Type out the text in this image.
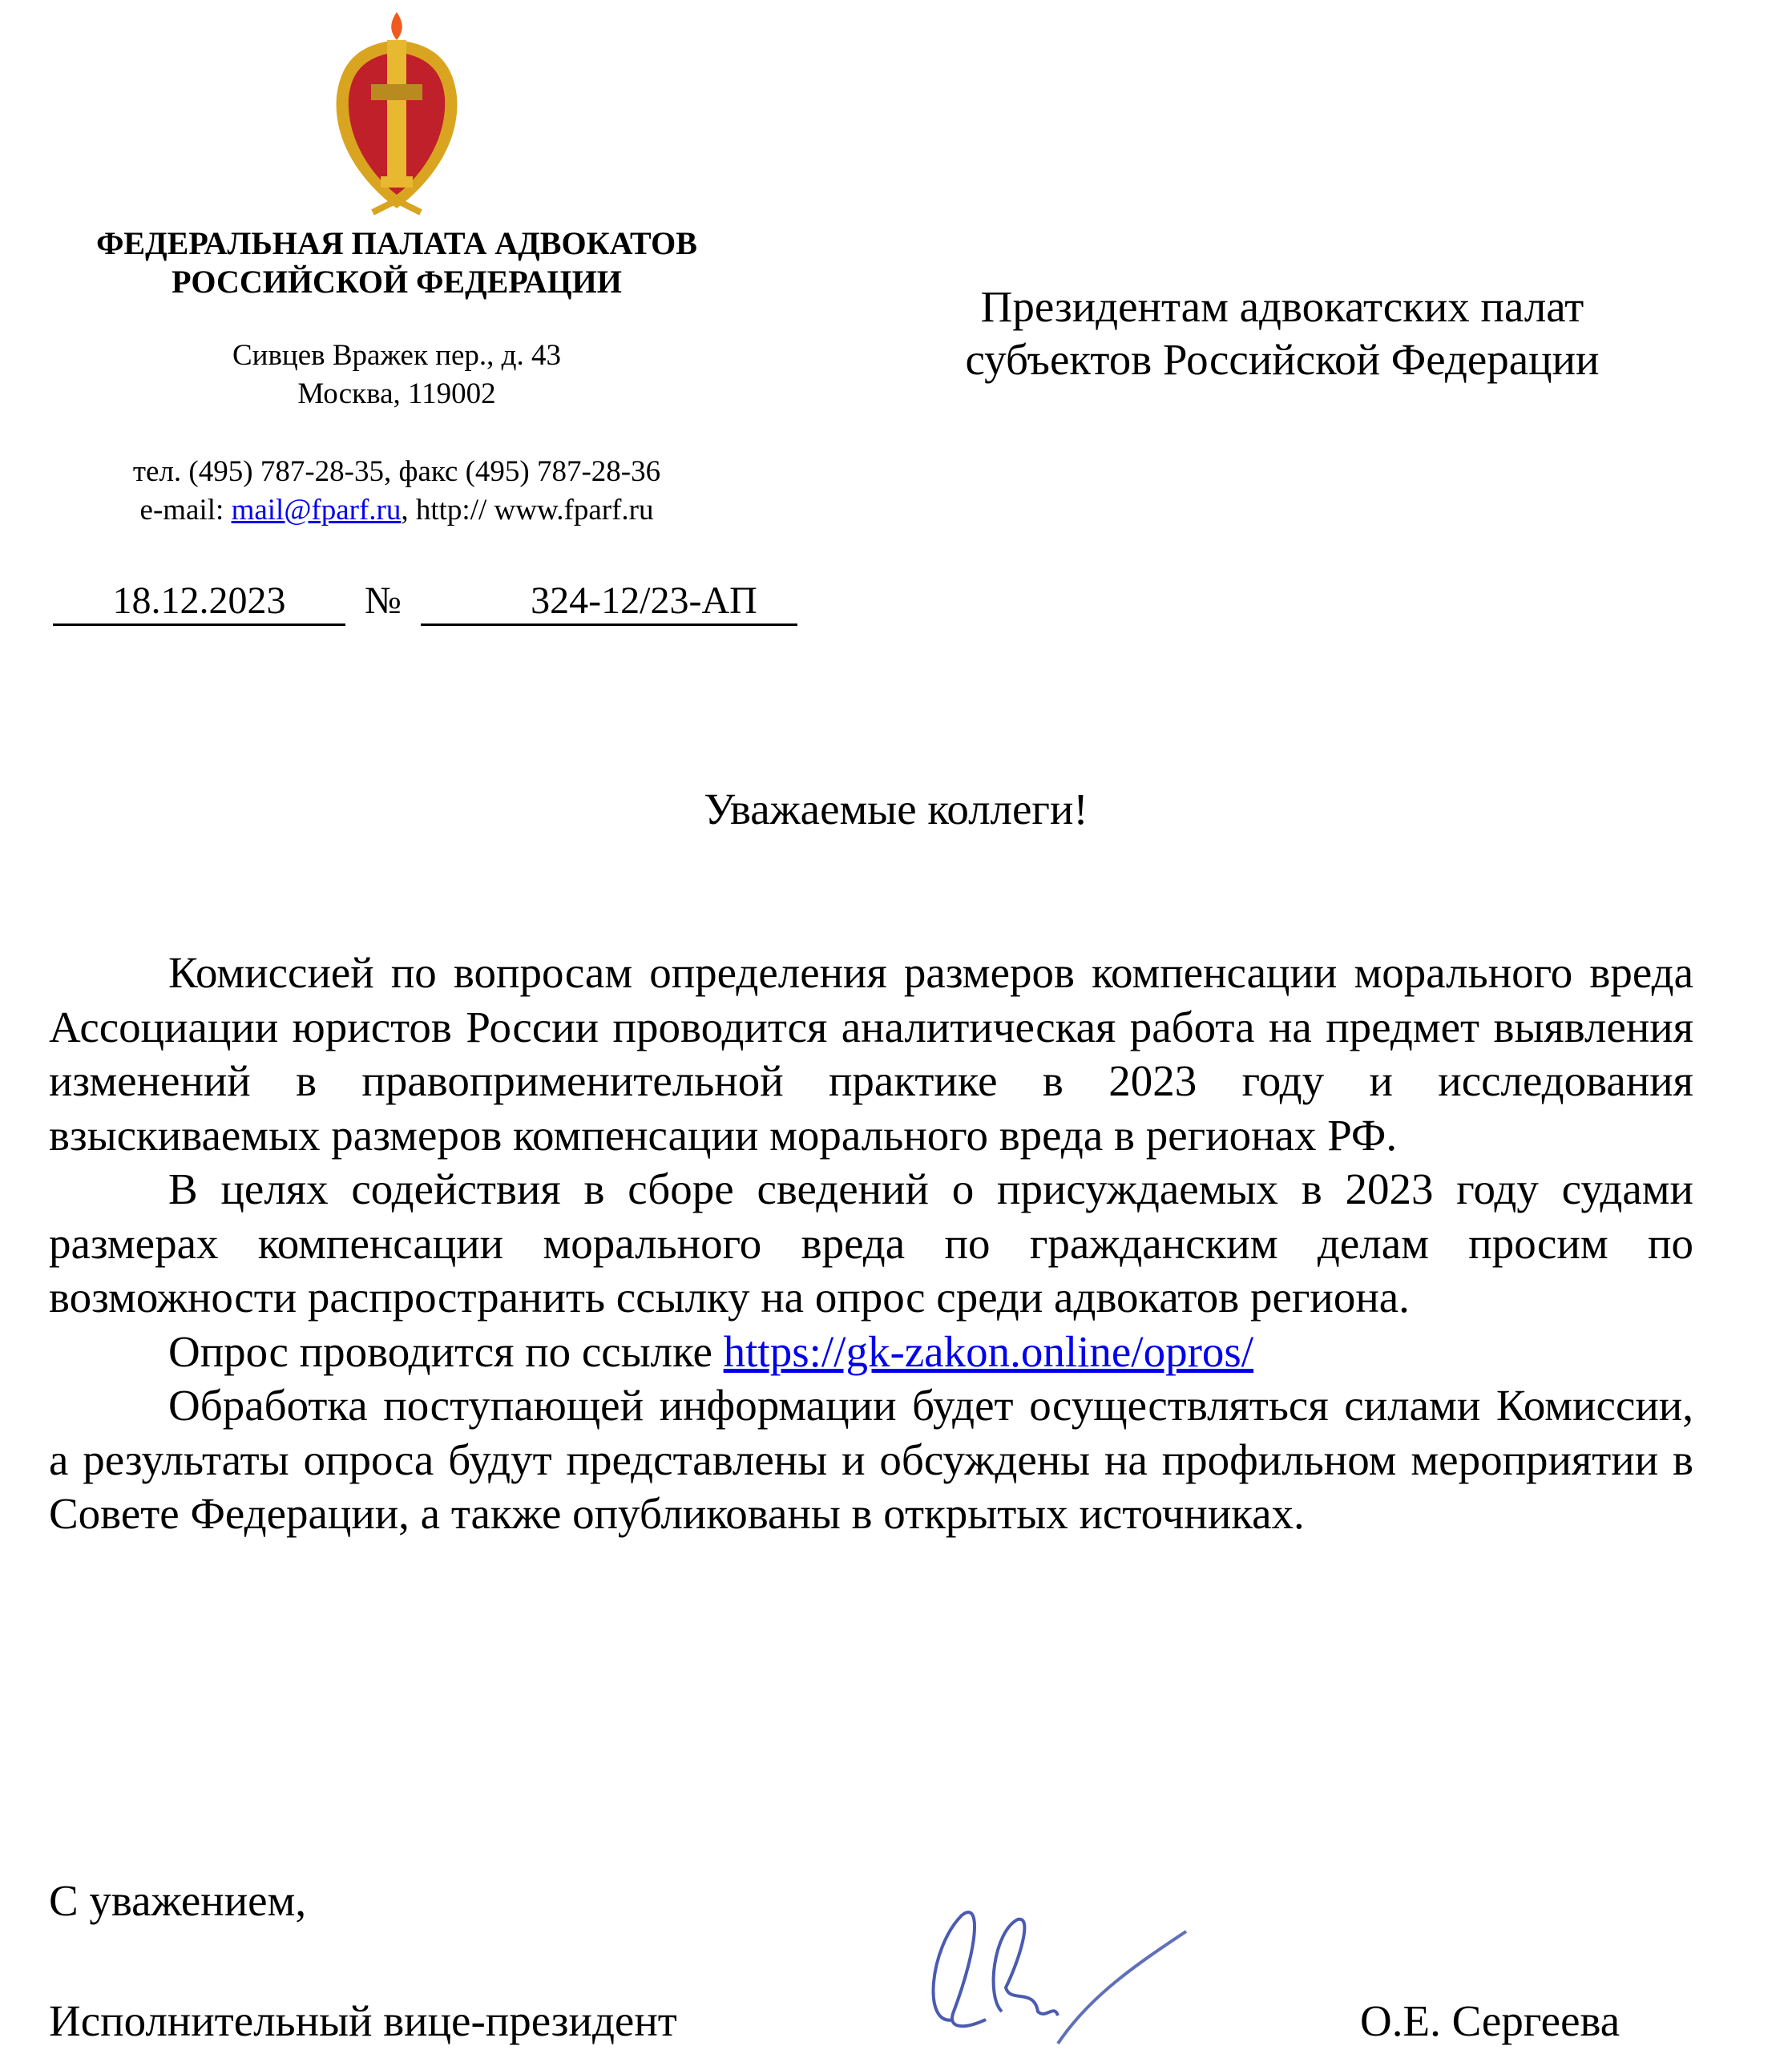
ФЕДЕРАЛЬНАЯ ПАЛАТА АДВОКАТОВ
РОССИЙСКОЙ ФЕДЕРАЦИИ
Сивцев Вражек пер., д. 43
Москва, 119002
тел. (495) 787-28-35, факс (495) 787-28-36
e-mail: mail@fparf.ru, http:// www.fparf.ru
18.12.2023 №	324-12/23-АП
Президентам адвокатских палат
субъектов Российской Федерации
Уважаемые коллеги!

Комиссией по вопросам определения размеров компенсации морального вреда Ассоциации юристов России проводится аналитическая работа на предмет выявления изменений в правоприменительной практике в 2023 году и исследования взыскиваемых размеров компенсации морального вреда в регионах РФ.

В целях содействия в сборе сведений о присуждаемых в 2023 году судами размерах компенсации морального вреда по гражданским делам просим по возможности распространить ссылку на опрос среди адвокатов региона.

Опрос проводится по ссылке https://gk-zakon.online/opros/

Обработка поступающей информации будет осуществляться силами Комиссии, а результаты опроса будут представлены и обсуждены на профильном мероприятии в Совете Федерации, а также опубликованы в открытых источниках.

С уважением,
Исполнительный вице-президент	О.Е. Сергеева
